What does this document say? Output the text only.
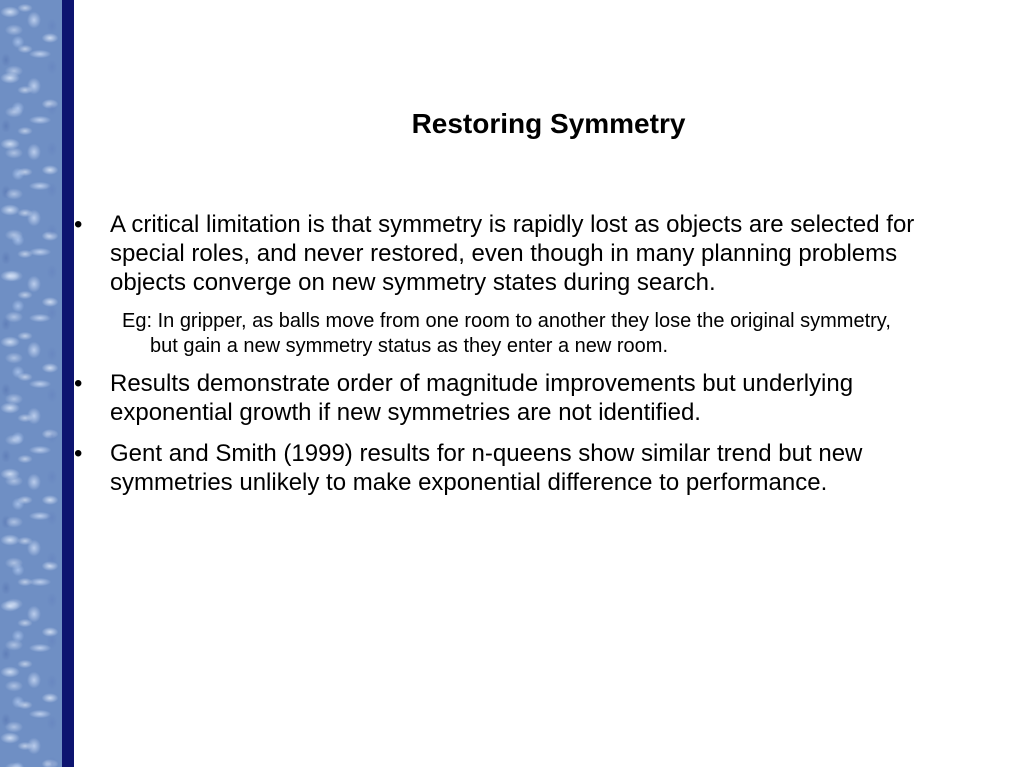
Restoring Symmetry
•	A critical limitation is that symmetry is rapidly lost as objects are selected for special roles, and never restored, even though in many planning problems objects converge on new symmetry states during search.
Eg: In gripper, as balls move from one room to another they lose the original symmetry, but gain a new symmetry status as they enter a new room.
•	Results demonstrate order of magnitude improvements but underlying exponential growth if new symmetries are not identified.
•	Gent and Smith (1999) results for n-queens show similar trend but new symmetries unlikely to make exponential difference to performance.
